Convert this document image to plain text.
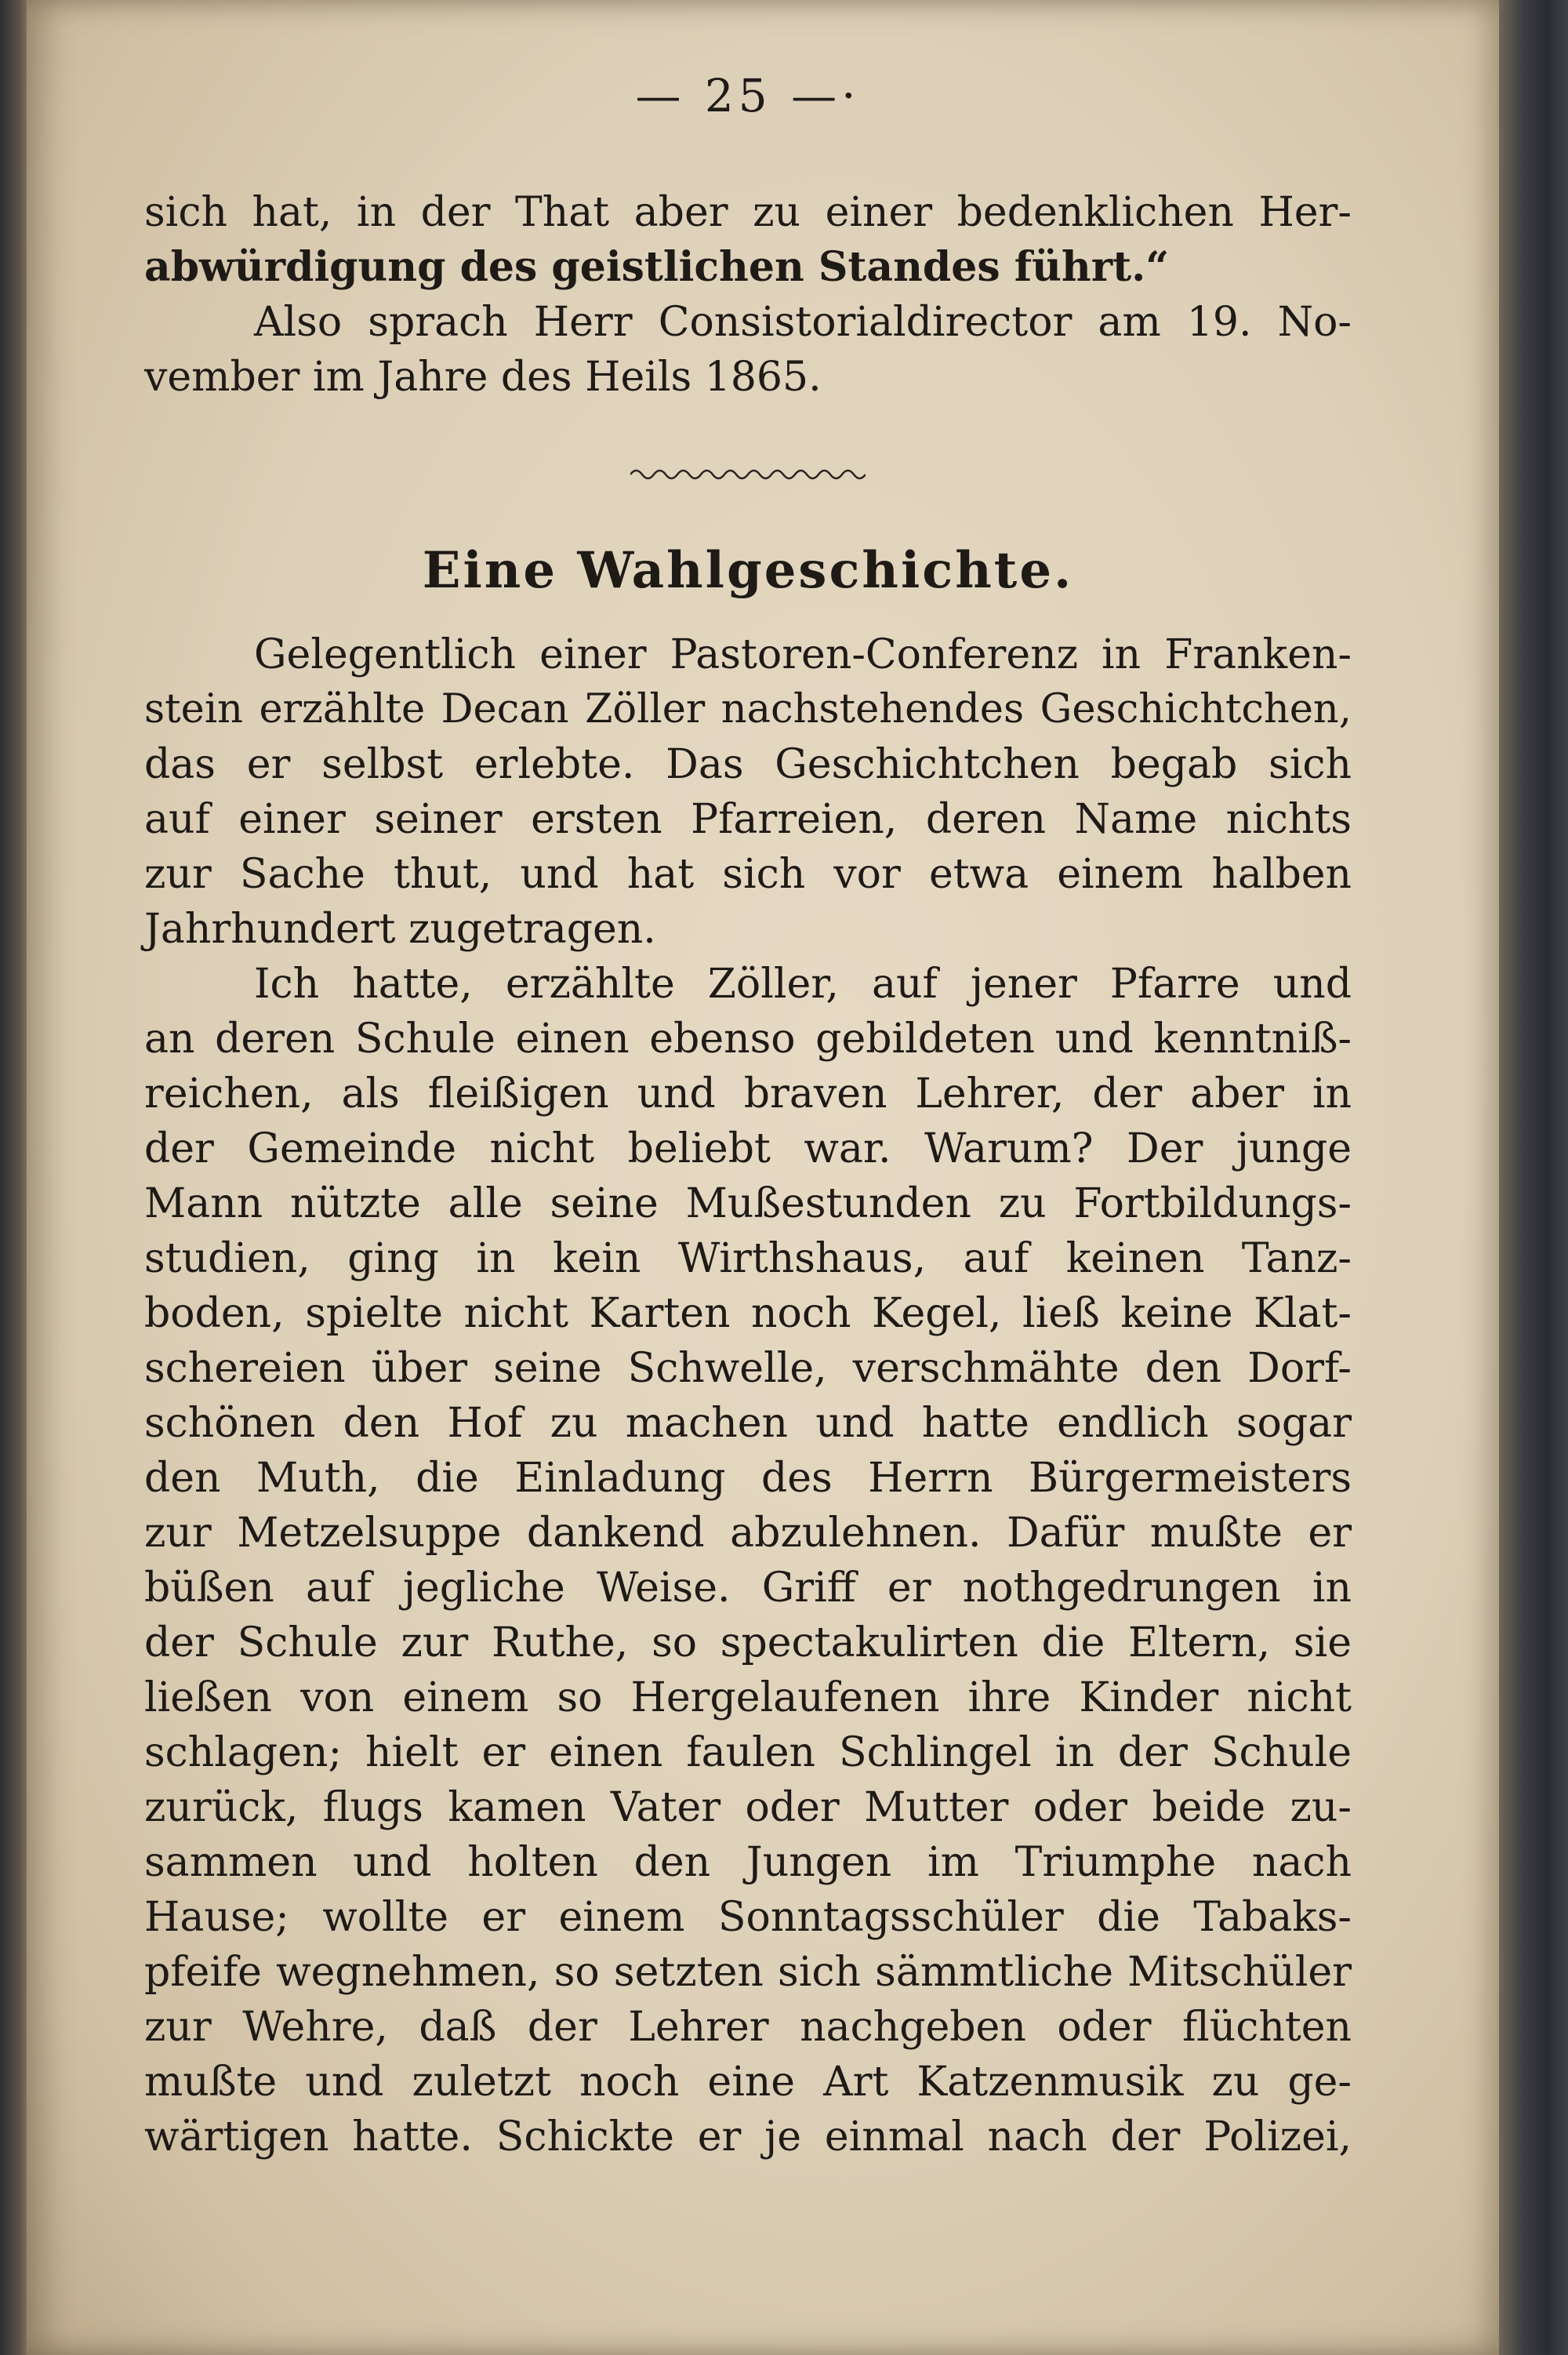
— 25 —·
sich hat, in der That aber zu einer bedenklichen Her-
abwürdigung des geistlichen Standes führt.“
Also sprach Herr Consistorialdirector am 19. No-
vember im Jahre des Heils 1865.
Eine Wahlgeschichte.
Gelegentlich einer Pastoren-Conferenz in Franken-
stein erzählte Decan Zöller nachstehendes Geschichtchen,
das er selbst erlebte. Das Geschichtchen begab sich
auf einer seiner ersten Pfarreien, deren Name nichts
zur Sache thut, und hat sich vor etwa einem halben
Jahrhundert zugetragen.
Ich hatte, erzählte Zöller, auf jener Pfarre und
an deren Schule einen ebenso gebildeten und kenntniß-
reichen, als fleißigen und braven Lehrer, der aber in
der Gemeinde nicht beliebt war. Warum? Der junge
Mann nützte alle seine Mußestunden zu Fortbildungs-
studien, ging in kein Wirthshaus, auf keinen Tanz-
boden, spielte nicht Karten noch Kegel, ließ keine Klat-
schereien über seine Schwelle, verschmähte den Dorf-
schönen den Hof zu machen und hatte endlich sogar
den Muth, die Einladung des Herrn Bürgermeisters
zur Metzelsuppe dankend abzulehnen. Dafür mußte er
büßen auf jegliche Weise. Griff er nothgedrungen in
der Schule zur Ruthe, so spectakulirten die Eltern, sie
ließen von einem so Hergelaufenen ihre Kinder nicht
schlagen; hielt er einen faulen Schlingel in der Schule
zurück, flugs kamen Vater oder Mutter oder beide zu-
sammen und holten den Jungen im Triumphe nach
Hause; wollte er einem Sonntagsschüler die Tabaks-
pfeife wegnehmen, so setzten sich sämmtliche Mitschüler
zur Wehre, daß der Lehrer nachgeben oder flüchten
mußte und zuletzt noch eine Art Katzenmusik zu ge-
wärtigen hatte. Schickte er je einmal nach der Polizei,
